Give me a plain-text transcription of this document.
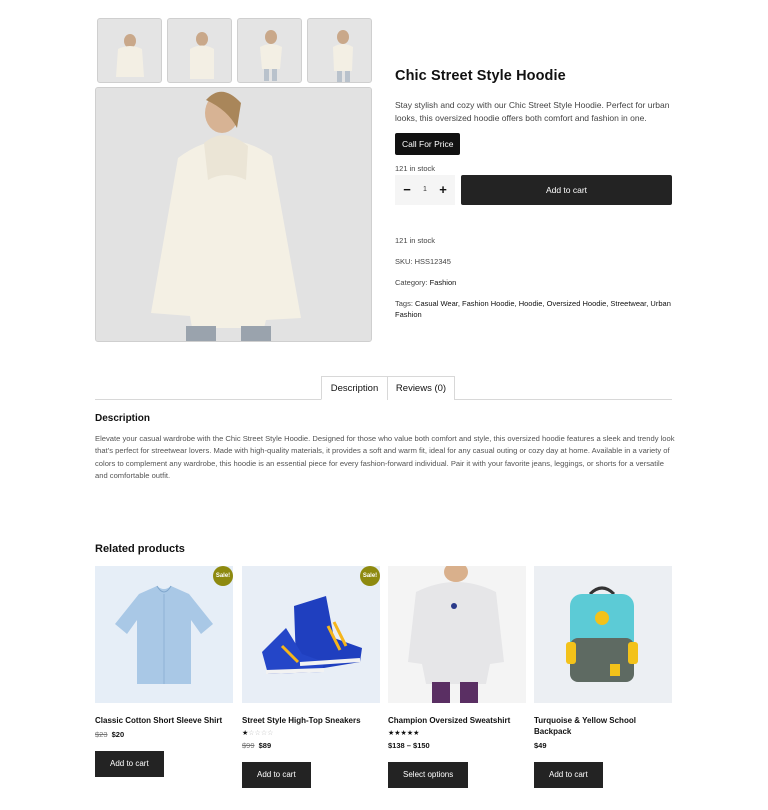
Chic Street Style Hoodie
Stay stylish and cozy with our Chic Street Style Hoodie. Perfect for urban looks, this oversized hoodie offers both comfort and fashion in one.
Call For Price
121 in stock
−	1 +	Add to cart
121 in stock
SKU: HSS12345
Category: Fashion
Tags: Casual Wear, Fashion Hoodie, Hoodie, Oversized Hoodie, Streetwear, Urban Fashion
Description	Reviews (0)
Description

Elevate your casual wardrobe with the Chic Street Style Hoodie. Designed for those who value both comfort and style, this oversized hoodie features a sleek and trendy look that’s perfect for streetwear lovers. Made with high-quality materials, it provides a soft and warm fit, ideal for any casual outing or cozy day at home. Available in a variety of colors to complement any wardrobe, this hoodie is an essential piece for every fashion-forward individual. Pair it with your favorite jeans, leggings, or shorts for a versatile and comfortable outfit.

Related products
Sale!
Classic Cotton Short Sleeve Shirt
$23 $20
Add to cart
Sale!
Street Style High-Top Sneakers
★☆☆☆☆
$99 $89
Add to cart
Champion Oversized Sweatshirt
★★★★★
$138 – $150
Select options
Turquoise & Yellow School Backpack
$49
Add to cart
